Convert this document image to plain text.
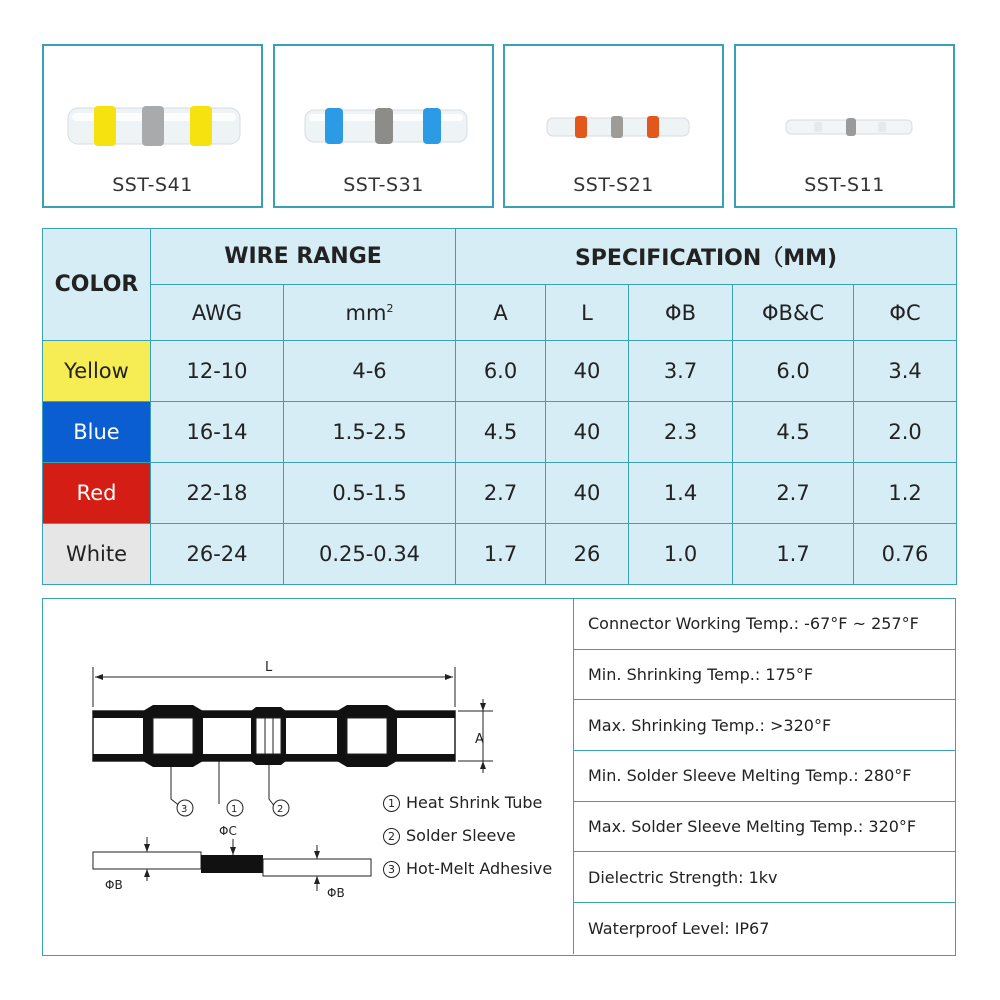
SST-S41	SST-S31	SST-S21	SST-S11
COLOR	WIRE RANGE		SPECIFICATION（MM)				
	AWG	$mm^2$	A	L	ΦB	ΦB&C	ΦC
Yellow	12-10	4-6	6.0	40	3.7	6.0	3.4
Blue	16-14	1.5-2.5	4.5	40	2.3	4.5	2.0
Red	22-18	0.5-1.5	2.7	40	1.4	2.7	1.2
White	26-24	0.25-0.34	1.7	26	1.0	1.7	0.76
L
A
3	1	2
ΦC
ΦB
ΦB
1 Heat Shrink Tube
2 Solder Sleeve
3 Hot-Melt Adhesive
Connector Working Temp.: -67°F ~ 257°F
Min. Shrinking Temp.: 175°F
Max. Shrinking Temp.: >320°F
Min. Solder Sleeve Melting Temp.: 280°F
Max. Solder Sleeve Melting Temp.: 320°F
Dielectric Strength: 1kv
Waterproof Level: IP67
